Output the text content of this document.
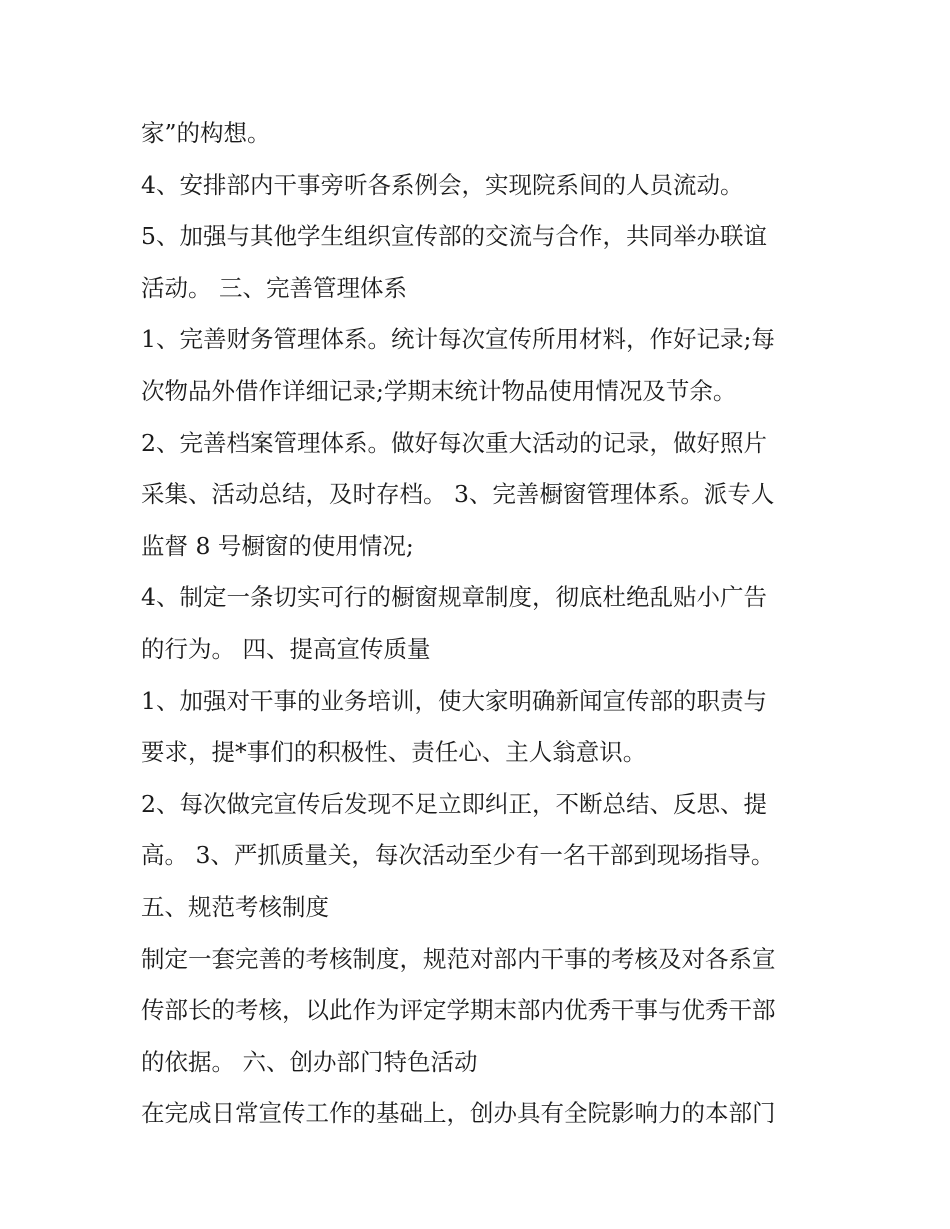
家”的构想。
4、安排部内干事旁听各系例会，实现院系间的人员流动。
5、加强与其他学生组织宣传部的交流与合作，共同举办联谊
活动。 三、完善管理体系
1、完善财务管理体系。统计每次宣传所用材料，作好记录;每
次物品外借作详细记录;学期末统计物品使用情况及节余。
2、完善档案管理体系。做好每次重大活动的记录，做好照片
采集、活动总结，及时存档。 3、完善橱窗管理体系。派专人
监督 8 号橱窗的使用情况;
4、制定一条切实可行的橱窗规章制度，彻底杜绝乱贴小广告
的行为。 四、提高宣传质量
1、加强对干事的业务培训，使大家明确新闻宣传部的职责与
要求，提*事们的积极性、责任心、主人翁意识。
2、每次做完宣传后发现不足立即纠正，不断总结、反思、提
高。 3、严抓质量关，每次活动至少有一名干部到现场指导。
五、规范考核制度
制定一套完善的考核制度，规范对部内干事的考核及对各系宣
传部长的考核，以此作为评定学期末部内优秀干事与优秀干部
的依据。 六、创办部门特色活动
在完成日常宣传工作的基础上，创办具有全院影响力的本部门
